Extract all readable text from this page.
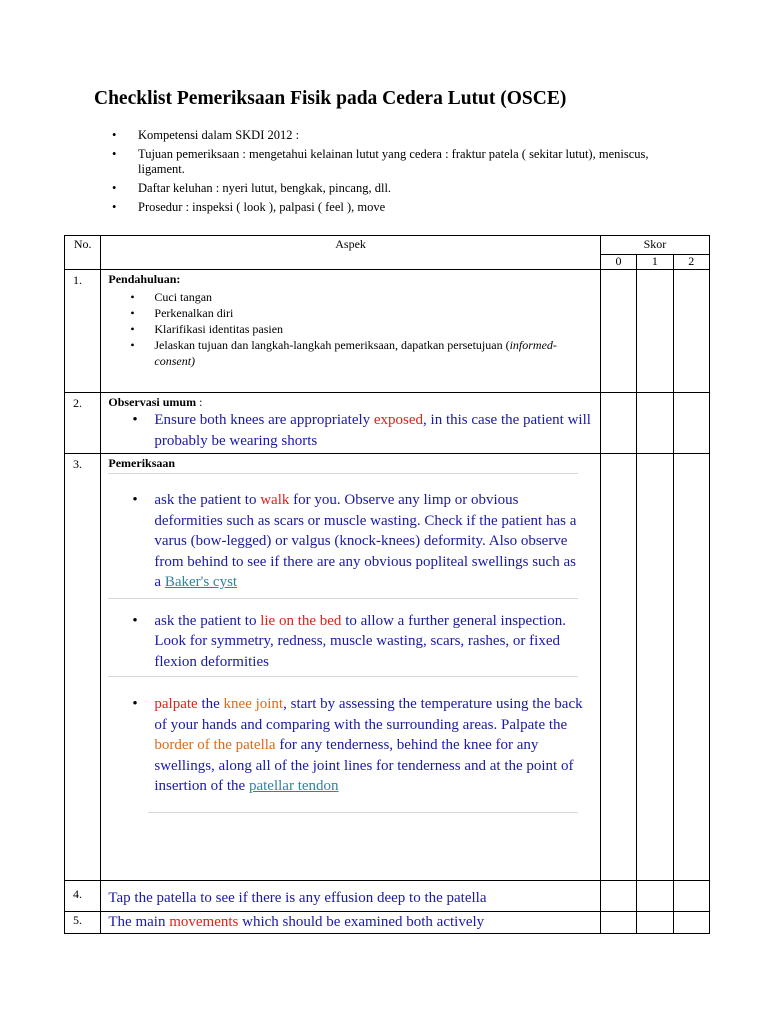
Checklist Pemeriksaan Fisik pada Cedera Lutut (OSCE)
• Kompetensi dalam SKDI 2012 :
• Tujuan pemeriksaan : mengetahui kelainan lutut yang cedera : fraktur patela ( sekitar lutut), meniscus, ligament.
• Daftar keluhan : nyeri lutut, bengkak, pincang, dll.
• Prosedur : inspeksi ( look ), palpasi ( feel ), move
No.	Aspek	Skor		
		0	1	2
1.	Pendahuluan:
• Cuci tangan
• Perkenalkan diri
• Klarifikasi identitas pasien
• Jelaskan tujuan dan langkah-langkah pemeriksaan, dapatkan persetujuan (informed-consent)

2.	Observasi umum :
• Ensure both knees are appropriately exposed, in this case the patient will probably be wearing shorts

3.	Pemeriksaan
• ask the patient to walk for you. Observe any limp or obvious deformities such as scars or muscle wasting. Check if the patient has a varus (bow-legged) or valgus (knock-knees) deformity. Also observe from behind to see if there are any obvious popliteal swellings such as a Baker's cyst
• ask the patient to lie on the bed to allow a further general inspection. Look for symmetry, redness, muscle wasting, scars, rashes, or fixed flexion deformities
• palpate the knee joint, start by assessing the temperature using the back of your hands and comparing with the surrounding areas. Palpate the border of the patella for any tenderness, behind the knee for any swellings, along all of the joint lines for tenderness and at the point of insertion of the patellar tendon

4.	Tap the patella to see if there is any effusion deep to the patella			

5.	The main movements which should be examined both actively			
